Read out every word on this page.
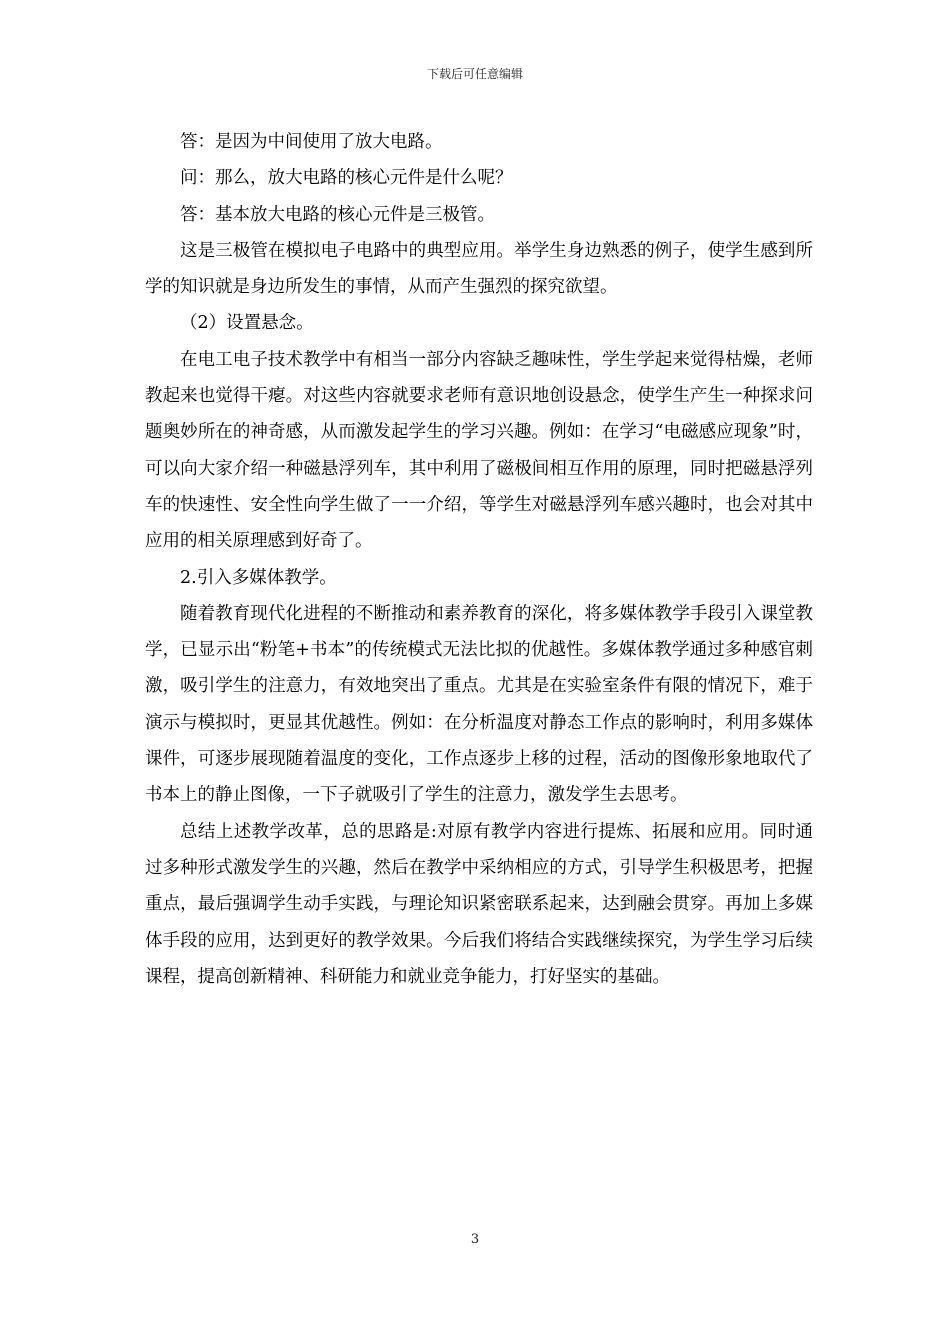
下载后可任意编辑

答：是因为中间使用了放大电路。

问：那么，放大电路的核心元件是什么呢？

答：基本放大电路的核心元件是三极管。

这是三极管在模拟电子电路中的典型应用。举学生身边熟悉的例子，使学生感到所学的知识就是身边所发生的事情，从而产生强烈的探究欲望。

（2）设置悬念。

在电工电子技术教学中有相当一部分内容缺乏趣味性，学生学起来觉得枯燥，老师教起来也觉得干瘪。对这些内容就要求老师有意识地创设悬念，使学生产生一种探求问题奥妙所在的神奇感，从而激发起学生的学习兴趣。例如：在学习“电磁感应现象”时，可以向大家介绍一种磁悬浮列车，其中利用了磁极间相互作用的原理，同时把磁悬浮列车的快速性、安全性向学生做了一一介绍，等学生对磁悬浮列车感兴趣时，也会对其中应用的相关原理感到好奇了。

2.引入多媒体教学。

随着教育现代化进程的不断推动和素养教育的深化，将多媒体教学手段引入课堂教学，已显示出“粉笔+书本”的传统模式无法比拟的优越性。多媒体教学通过多种感官刺激，吸引学生的注意力，有效地突出了重点。尤其是在实验室条件有限的情况下，难于演示与模拟时，更显其优越性。例如：在分析温度对静态工作点的影响时，利用多媒体课件，可逐步展现随着温度的变化，工作点逐步上移的过程，活动的图像形象地取代了书本上的静止图像，一下子就吸引了学生的注意力，激发学生去思考。

总结上述教学改革，总的思路是:对原有教学内容进行提炼、拓展和应用。同时通过多种形式激发学生的兴趣，然后在教学中采纳相应的方式，引导学生积极思考，把握重点，最后强调学生动手实践，与理论知识紧密联系起来，达到融会贯穿。再加上多媒体手段的应用，达到更好的教学效果。今后我们将结合实践继续探究，为学生学习后续课程，提高创新精神、科研能力和就业竞争能力，打好坚实的基础。

3
